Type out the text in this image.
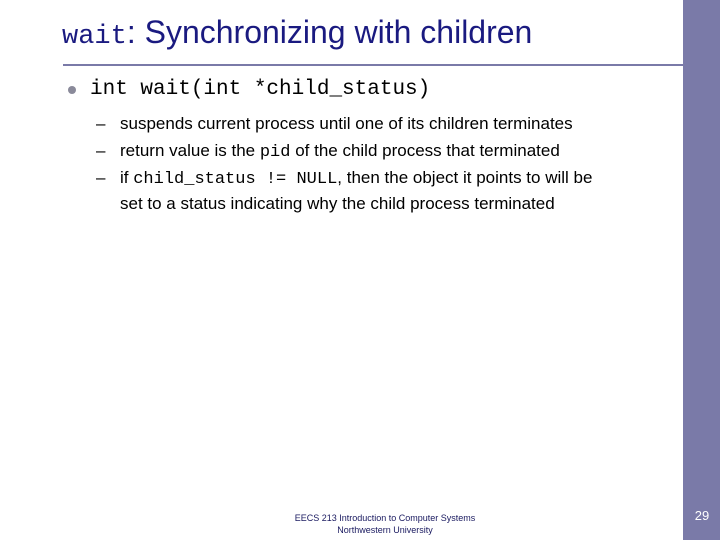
wait: Synchronizing with children
int wait(int *child_status)
– suspends current process until one of its children terminates
– return value is the pid of the child process that terminated
– if child_status != NULL, then the object it points to will be
set to a status indicating why the child process terminated
EECS 213 Introduction to Computer Systems
Northwestern University
29
